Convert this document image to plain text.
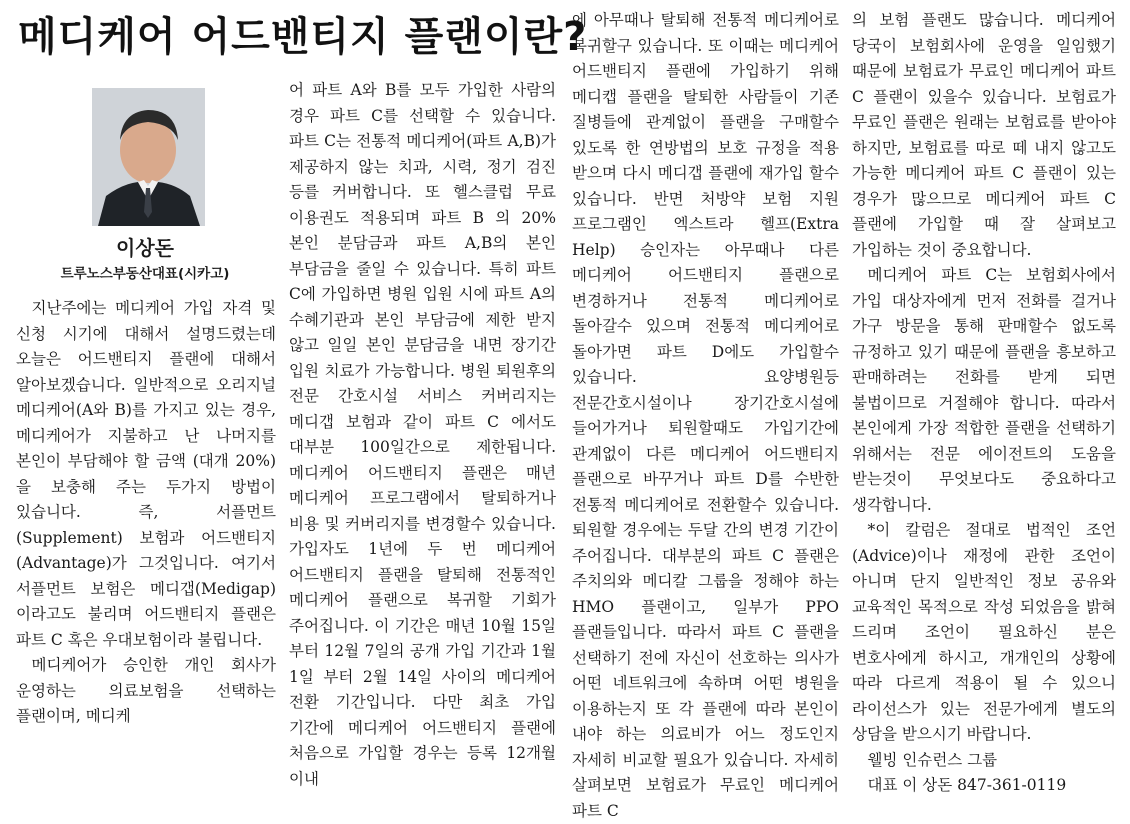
메디케어 어드밴티지 플랜이란?
이상돈
트루노스부동산대표(시카고)

지난주에는 메디케어 가입 자격 및 신청 시기에 대해서 설명드렸는데 오늘은 어드밴티지 플랜에 대해서 알아보겠습니다. 일반적으로 오리지널 메디케어(A와 B)를 가지고 있는 경우, 메디케어가 지불하고 난 나머지를 본인이 부담해야 할 금액 (대개 20%)을 보충해 주는 두가지 방법이 있습니다. 즉, 서플먼트(Supplement) 보험과 어드밴티지(Advantage)가 그것입니다. 여기서 서플먼트 보험은 메디갭(Medigap) 이라고도 불리며 어드밴티지 플랜은 파트 C 혹은 우대보험이라 불립니다.

메디케어가 승인한 개인 회사가 운영하는 의료보험을 선택하는 플랜이며, 메디케

어 파트 A와 B를 모두 가입한 사람의 경우 파트 C를 선택할 수 있습니다. 파트 C는 전통적 메디케어(파트 A,B)가 제공하지 않는 치과, 시력, 정기 검진 등를 커버합니다. 또 헬스클럽 무료 이용권도 적용되며 파트 B 의 20% 본인 분담금과 파트 A,B의 본인 부담금을 줄일 수 있습니다. 특히 파트 C에 가입하면 병원 입원 시에 파트 A의 수혜기관과 본인 부담금에 제한 받지 않고 일일 본인 분담금을 내면 장기간 입원 치료가 가능합니다. 병원 퇴원후의 전문 간호시설 서비스 커버리지는 메디갭 보험과 같이 파트 C 에서도 대부분 100일간으로 제한됩니다. 메디케어 어드밴티지 플랜은 매년 메디케어 프로그램에서 탈퇴하거나 비용 및 커버리지를 변경할수 있습니다. 가입자도 1년에 두 번 메디케어 어드밴티지 플랜을 탈퇴해 전통적인 메디케어 플랜으로 복귀할 기회가 주어집니다. 이 기간은 매년 10월 15일 부터 12월 7일의 공개 가입 기간과 1월 1일 부터 2월 14일 사이의 메디케어 전환 기간입니다. 다만 최초 가입 기간에 메디케어 어드밴티지 플랜에 처음으로 가입할 경우는 등록 12개월 이내

에 아무때나 탈퇴해 전통적 메디케어로 복귀할구 있습니다. 또 이때는 메디케어 어드밴티지 플랜에 가입하기 위해 메디캡 플랜을 탈퇴한 사람들이 기존 질병들에 관계없이 플랜을 구매할수 있도록 한 연방법의 보호 규정을 적용 받으며 다시 메디갭 플랜에 재가입 할수 있습니다. 반면 처방약 보험 지원 프로그램인 엑스트라 헬프(Extra Help) 승인자는 아무때나 다른 메디케어 어드밴티지 플랜으로 변경하거나 전통적 메디케어로 돌아갈수 있으며 전통적 메디케어로 돌아가면 파트 D에도 가입할수 있습니다. 요양병원등 전문간호시설이나 장기간호시설에 들어가거나 퇴원할때도 가입기간에 관계없이 다른 메디케어 어드밴티지 플랜으로 바꾸거나 파트 D를 수반한 전통적 메디케어로 전환할수 있습니다. 퇴원할 경우에는 두달 간의 변경 기간이 주어집니다. 대부분의 파트 C 플랜은 주치의와 메디칼 그룹을 정해야 하는 HMO 플랜이고, 일부가 PPO 플랜들입니다. 따라서 파트 C 플랜을 선택하기 전에 자신이 선호하는 의사가 어떤 네트워크에 속하며 어떤 병원을 이용하는지 또 각 플랜에 따라 본인이 내야 하는 의료비가 어느 정도인지 자세히 비교할 필요가 있습니다. 자세히 살펴보면 보험료가 무료인 메디케어 파트 C

의 보험 플랜도 많습니다. 메디케어 당국이 보험회사에 운영을 일임했기 때문에 보험료가 무료인 메디케어 파트 C 플랜이 있을수 있습니다. 보험료가 무료인 플랜은 원래는 보험료를 받아야 하지만, 보험료를 따로 떼 내지 않고도 가능한 메디케어 파트 C 플랜이 있는 경우가 많으므로 메디케어 파트 C 플랜에 가입할 때 잘 살펴보고 가입하는 것이 중요합니다.

메디케어 파트 C는 보험회사에서 가입 대상자에게 먼저 전화를 걸거나 가구 방문을 통해 판매할수 없도록 규정하고 있기 때문에 플랜을 흥보하고 판매하려는 전화를 받게 되면 불법이므로 거절해야 합니다. 따라서 본인에게 가장 적합한 플랜을 선택하기 위해서는 전문 에이전트의 도움을 받는것이 무엇보다도 중요하다고 생각합니다.

*이 칼럼은 절대로 법적인 조언(Advice)이나 재정에 관한 조언이 아니며 단지 일반적인 정보 공유와 교육적인 목적으로 작성 되었음을 밝혀 드리며 조언이 필요하신 분은 변호사에게 하시고, 개개인의 상황에 따라 다르게 적용이 될 수 있으니 라이선스가 있는 전문가에게 별도의 상담을 받으시기 바랍니다.

웰빙 인슈런스 그룹

대표 이 상돈 847-361-0119
